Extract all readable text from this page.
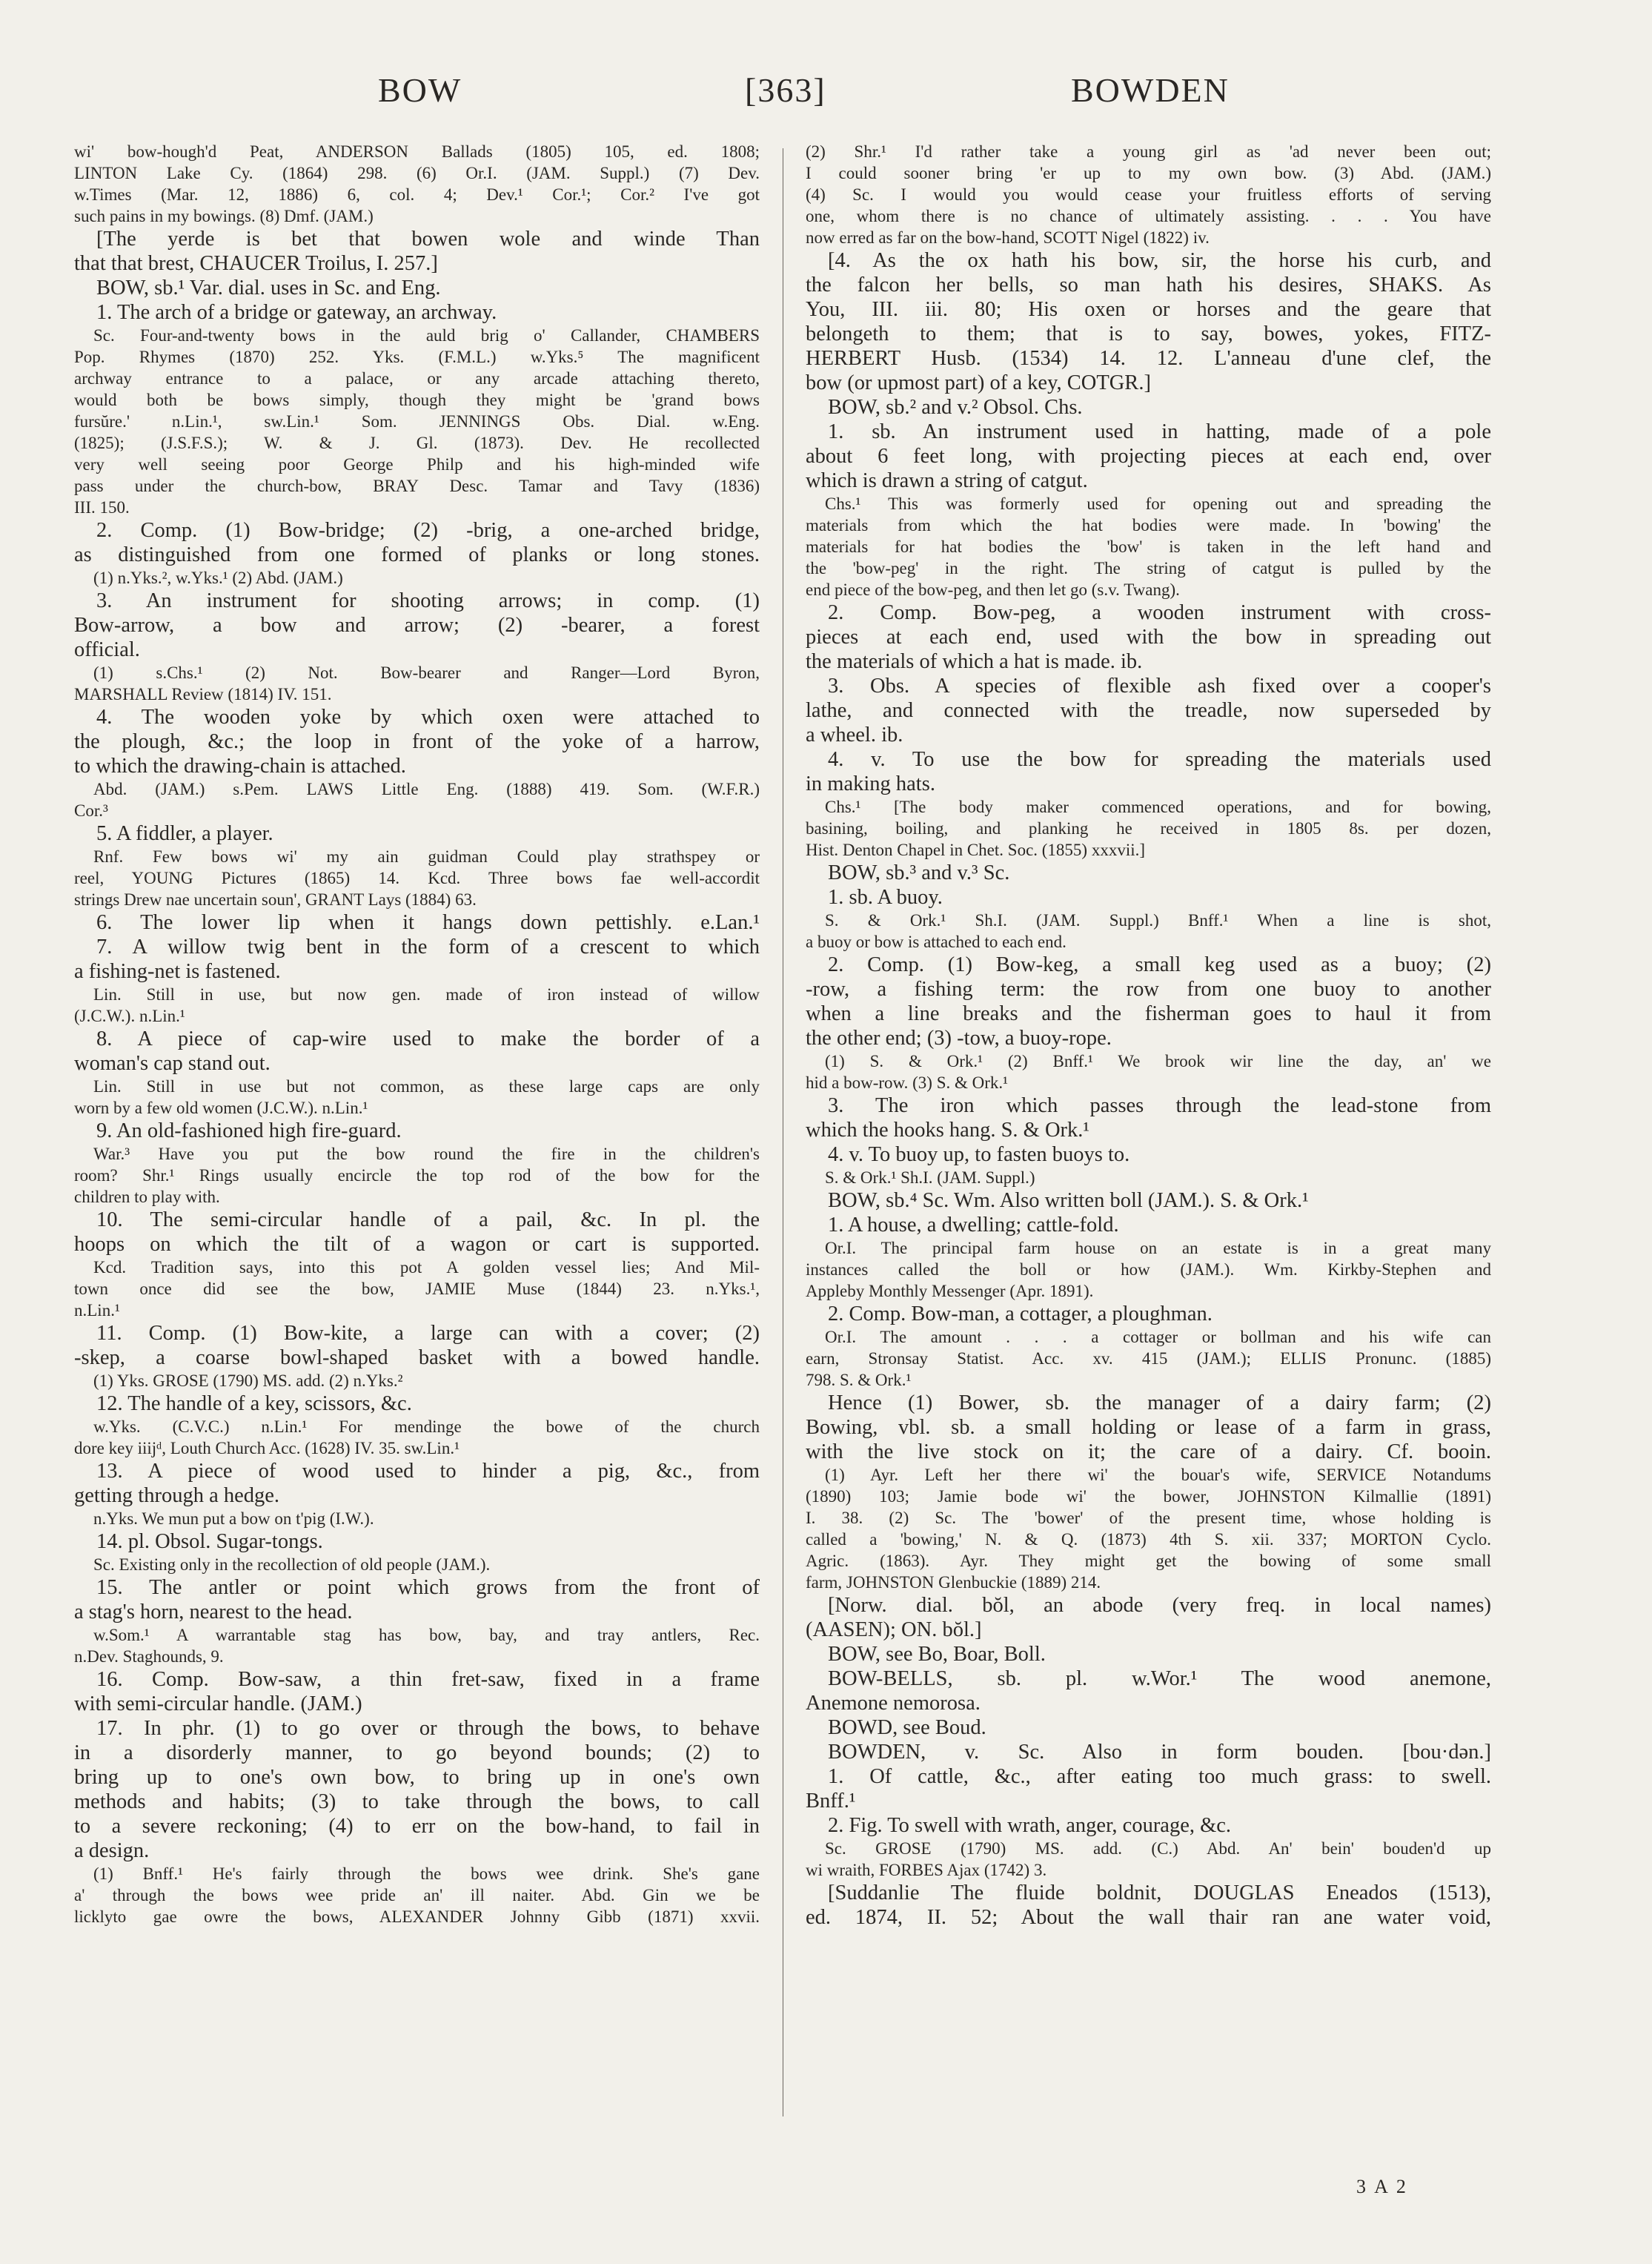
BOW	[363]	BOWDEN
wi' bow-hough'd Peat, ANDERSON Ballads (1805) 105, ed. 1808;
LINTON Lake Cy. (1864) 298. (6) Or.I. (JAM. Suppl.) (7) Dev.
w.Times (Mar. 12, 1886) 6, col. 4; Dev.¹ Cor.¹; Cor.² I've got
such pains in my bowings. (8) Dmf. (JAM.)
[The yerde is bet that bowen wole and winde Than
that that brest, CHAUCER Troilus, I. 257.]
BOW, sb.¹ Var. dial. uses in Sc. and Eng.
1. The arch of a bridge or gateway, an archway.
Sc. Four-and-twenty bows in the auld brig o' Callander, CHAMBERS
Pop. Rhymes (1870) 252. Yks. (F.M.L.) w.Yks.⁵ The magnificent
archway entrance to a palace, or any arcade attaching thereto,
would both be bows simply, though they might be 'grand bows
fursŭre.' n.Lin.¹, sw.Lin.¹ Som. JENNINGS Obs. Dial. w.Eng.
(1825); (J.S.F.S.); W. & J. Gl. (1873). Dev. He recollected
very well seeing poor George Philp and his high-minded wife
pass under the church-bow, BRAY Desc. Tamar and Tavy (1836)
III. 150.
2. Comp. (1) Bow-bridge; (2) -brig, a one-arched bridge,
as distinguished from one formed of planks or long stones.
(1) n.Yks.², w.Yks.¹ (2) Abd. (JAM.)
3. An instrument for shooting arrows; in comp. (1)
Bow-arrow, a bow and arrow; (2) -bearer, a forest
official.
(1) s.Chs.¹ (2) Not. Bow-bearer and Ranger—Lord Byron,
MARSHALL Review (1814) IV. 151.
4. The wooden yoke by which oxen were attached to
the plough, &c.; the loop in front of the yoke of a harrow,
to which the drawing-chain is attached.
Abd. (JAM.) s.Pem. LAWS Little Eng. (1888) 419. Som. (W.F.R.)
Cor.³
5. A fiddler, a player.
Rnf. Few bows wi' my ain guidman Could play strathspey or
reel, YOUNG Pictures (1865) 14. Kcd. Three bows fae well-accordit
strings Drew nae uncertain soun', GRANT Lays (1884) 63.
6. The lower lip when it hangs down pettishly. e.Lan.¹
7. A willow twig bent in the form of a crescent to which
a fishing-net is fastened.
Lin. Still in use, but now gen. made of iron instead of willow
(J.C.W.). n.Lin.¹
8. A piece of cap-wire used to make the border of a
woman's cap stand out.
Lin. Still in use but not common, as these large caps are only
worn by a few old women (J.C.W.). n.Lin.¹
9. An old-fashioned high fire-guard.
War.³ Have you put the bow round the fire in the children's
room? Shr.¹ Rings usually encircle the top rod of the bow for the
children to play with.
10. The semi-circular handle of a pail, &c. In pl. the
hoops on which the tilt of a wagon or cart is supported.
Kcd. Tradition says, into this pot A golden vessel lies; And Mil-
town once did see the bow, JAMIE Muse (1844) 23. n.Yks.¹,
n.Lin.¹
11. Comp. (1) Bow-kite, a large can with a cover; (2)
-skep, a coarse bowl-shaped basket with a bowed handle.
(1) Yks. GROSE (1790) MS. add. (2) n.Yks.²
12. The handle of a key, scissors, &c.
w.Yks. (C.V.C.) n.Lin.¹ For mendinge the bowe of the church
dore key iiijᵈ, Louth Church Acc. (1628) IV. 35. sw.Lin.¹
13. A piece of wood used to hinder a pig, &c., from
getting through a hedge.
n.Yks. We mun put a bow on t'pig (I.W.).
14. pl. Obsol. Sugar-tongs.
Sc. Existing only in the recollection of old people (JAM.).
15. The antler or point which grows from the front of
a stag's horn, nearest to the head.
w.Som.¹ A warrantable stag has bow, bay, and tray antlers, Rec.
n.Dev. Staghounds, 9.
16. Comp. Bow-saw, a thin fret-saw, fixed in a frame
with semi-circular handle. (JAM.)
17. In phr. (1) to go over or through the bows, to behave
in a disorderly manner, to go beyond bounds; (2) to
bring up to one's own bow, to bring up in one's own
methods and habits; (3) to take through the bows, to call
to a severe reckoning; (4) to err on the bow-hand, to fail in
a design.
(1) Bnff.¹ He's fairly through the bows wee drink. She's gane
a' through the bows wee pride an' ill naiter. Abd. Gin we be
licklyto gae owre the bows, ALEXANDER Johnny Gibb (1871) xxvii.
(2) Shr.¹ I'd rather take a young girl as 'ad never been out;
I could sooner bring 'er up to my own bow. (3) Abd. (JAM.)
(4) Sc. I would you would cease your fruitless efforts of serving
one, whom there is no chance of ultimately assisting. . . . You have
now erred as far on the bow-hand, SCOTT Nigel (1822) iv.
[4. As the ox hath his bow, sir, the horse his curb, and
the falcon her bells, so man hath his desires, SHAKS. As
You, III. iii. 80; His oxen or horses and the geare that
belongeth to them; that is to say, bowes, yokes, FITZ-
HERBERT Husb. (1534) 14. 12. L'anneau d'une clef, the
bow (or upmost part) of a key, COTGR.]
BOW, sb.² and v.² Obsol. Chs.
1. sb. An instrument used in hatting, made of a pole
about 6 feet long, with projecting pieces at each end, over
which is drawn a string of catgut.
Chs.¹ This was formerly used for opening out and spreading the
materials from which the hat bodies were made. In 'bowing' the
materials for hat bodies the 'bow' is taken in the left hand and
the 'bow-peg' in the right. The string of catgut is pulled by the
end piece of the bow-peg, and then let go (s.v. Twang).
2. Comp. Bow-peg, a wooden instrument with cross-
pieces at each end, used with the bow in spreading out
the materials of which a hat is made. ib.
3. Obs. A species of flexible ash fixed over a cooper's
lathe, and connected with the treadle, now superseded by
a wheel. ib.
4. v. To use the bow for spreading the materials used
in making hats.
Chs.¹ [The body maker commenced operations, and for bowing,
basining, boiling, and planking he received in 1805 8s. per dozen,
Hist. Denton Chapel in Chet. Soc. (1855) xxxvii.]
BOW, sb.³ and v.³ Sc.
1. sb. A buoy.
S. & Ork.¹ Sh.I. (JAM. Suppl.) Bnff.¹ When a line is shot,
a buoy or bow is attached to each end.
2. Comp. (1) Bow-keg, a small keg used as a buoy; (2)
-row, a fishing term: the row from one buoy to another
when a line breaks and the fisherman goes to haul it from
the other end; (3) -tow, a buoy-rope.
(1) S. & Ork.¹ (2) Bnff.¹ We brook wir line the day, an' we
hid a bow-row. (3) S. & Ork.¹
3. The iron which passes through the lead-stone from
which the hooks hang. S. & Ork.¹
4. v. To buoy up, to fasten buoys to.
S. & Ork.¹ Sh.I. (JAM. Suppl.)
BOW, sb.⁴ Sc. Wm. Also written boll (JAM.). S. & Ork.¹
1. A house, a dwelling; cattle-fold.
Or.I. The principal farm house on an estate is in a great many
instances called the boll or how (JAM.). Wm. Kirkby-Stephen and
Appleby Monthly Messenger (Apr. 1891).
2. Comp. Bow-man, a cottager, a ploughman.
Or.I. The amount . . . a cottager or bollman and his wife can
earn, Stronsay Statist. Acc. xv. 415 (JAM.); ELLIS Pronunc. (1885)
798. S. & Ork.¹
Hence (1) Bower, sb. the manager of a dairy farm; (2)
Bowing, vbl. sb. a small holding or lease of a farm in grass,
with the live stock on it; the care of a dairy. Cf. booin.
(1) Ayr. Left her there wi' the bouar's wife, SERVICE Notandums
(1890) 103; Jamie bode wi' the bower, JOHNSTON Kilmallie (1891)
I. 38. (2) Sc. The 'bower' of the present time, whose holding is
called a 'bowing,' N. & Q. (1873) 4th S. xii. 337; MORTON Cyclo.
Agric. (1863). Ayr. They might get the bowing of some small
farm, JOHNSTON Glenbuckie (1889) 214.
[Norw. dial. bŏl, an abode (very freq. in local names)
(AASEN); ON. bŏl.]
BOW, see Bo, Boar, Boll.
BOW-BELLS, sb. pl. w.Wor.¹ The wood anemone,
Anemone nemorosa.
BOWD, see Boud.
BOWDEN, v. Sc. Also in form bouden. [bou·dən.]
1. Of cattle, &c., after eating too much grass: to swell.
Bnff.¹
2. Fig. To swell with wrath, anger, courage, &c.
Sc. GROSE (1790) MS. add. (C.) Abd. An' bein' bouden'd up
wi wraith, FORBES Ajax (1742) 3.
[Suddanlie The fluide boldnit, DOUGLAS Eneados (1513),
ed. 1874, II. 52; About the wall thair ran ane water void,
3 A 2
